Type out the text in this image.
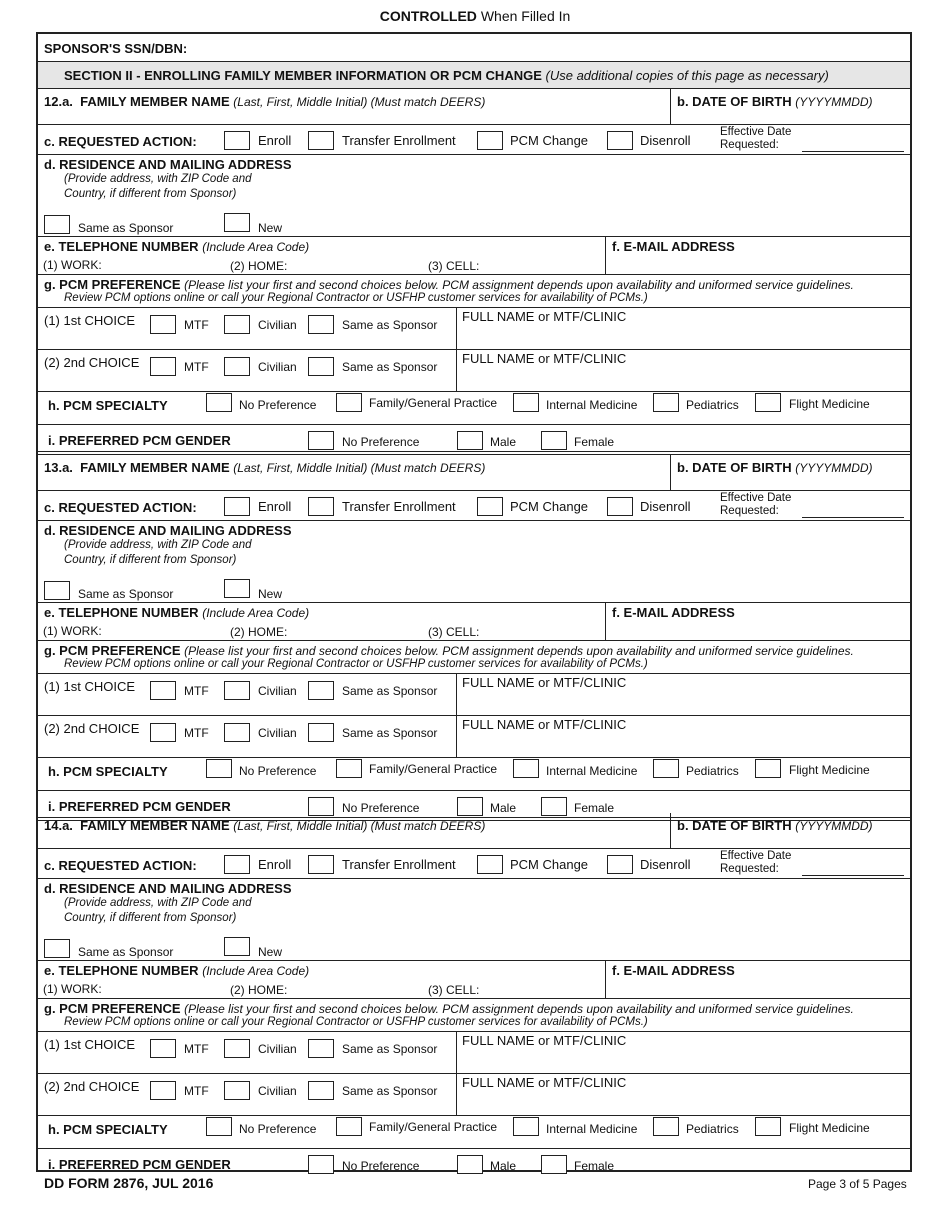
CONTROLLED When Filled In
SPONSOR'S SSN/DBN:
SECTION II - ENROLLING FAMILY MEMBER INFORMATION OR PCM CHANGE (Use additional copies of this page as necessary)
12.a. FAMILY MEMBER NAME (Last, First, Middle Initial) (Must match DEERS)	b. DATE OF BIRTH (YYYYMMDD)
c. REQUESTED ACTION:	Enroll	Transfer Enrollment	PCM Change	Disenroll
Effective Date
Requested:
d. RESIDENCE AND MAILING ADDRESS
(Provide address, with ZIP Code and
Country, if different from Sponsor)
Same as Sponsor	New
e. TELEPHONE NUMBER (Include Area Code)
(1) WORK:	(2) HOME:	(3) CELL:
f. E-MAIL ADDRESS
g. PCM PREFERENCE (Please list your first and second choices below. PCM assignment depends upon availability and uniformed service guidelines.
Review PCM options online or call your Regional Contractor or USFHP customer services for availability of PCMs.)
(1) 1st CHOICE	MTF	Civilian	Same as Sponsor
FULL NAME or MTF/CLINIC
(2) 2nd CHOICE	MTF	Civilian	Same as Sponsor
FULL NAME or MTF/CLINIC
h. PCM SPECIALTY	No Preference	Family/General Practice	Internal Medicine	Pediatrics	Flight Medicine
i. PREFERRED PCM GENDER	No Preference	Male	Female
13.a. FAMILY MEMBER NAME (Last, First, Middle Initial) (Must match DEERS)	b. DATE OF BIRTH (YYYYMMDD)
c. REQUESTED ACTION:	Enroll	Transfer Enrollment	PCM Change	Disenroll
Effective Date
Requested:
d. RESIDENCE AND MAILING ADDRESS
(Provide address, with ZIP Code and
Country, if different from Sponsor)
Same as Sponsor	New
e. TELEPHONE NUMBER (Include Area Code)
(1) WORK:	(2) HOME:	(3) CELL:
f. E-MAIL ADDRESS
g. PCM PREFERENCE (Please list your first and second choices below. PCM assignment depends upon availability and uniformed service guidelines.
Review PCM options online or call your Regional Contractor or USFHP customer services for availability of PCMs.)
(1) 1st CHOICE	MTF	Civilian	Same as Sponsor
FULL NAME or MTF/CLINIC
(2) 2nd CHOICE	MTF	Civilian	Same as Sponsor
FULL NAME or MTF/CLINIC
h. PCM SPECIALTY	No Preference	Family/General Practice	Internal Medicine	Pediatrics	Flight Medicine
i. PREFERRED PCM GENDER	No Preference	Male	Female
14.a. FAMILY MEMBER NAME (Last, First, Middle Initial) (Must match DEERS)	b. DATE OF BIRTH (YYYYMMDD)
c. REQUESTED ACTION:	Enroll	Transfer Enrollment	PCM Change	Disenroll
Effective Date
Requested:
d. RESIDENCE AND MAILING ADDRESS
(Provide address, with ZIP Code and
Country, if different from Sponsor)
Same as Sponsor	New
e. TELEPHONE NUMBER (Include Area Code)
(1) WORK:	(2) HOME:	(3) CELL:
f. E-MAIL ADDRESS
g. PCM PREFERENCE (Please list your first and second choices below. PCM assignment depends upon availability and uniformed service guidelines.
Review PCM options online or call your Regional Contractor or USFHP customer services for availability of PCMs.)
(1) 1st CHOICE	MTF	Civilian	Same as Sponsor
FULL NAME or MTF/CLINIC
(2) 2nd CHOICE	MTF	Civilian	Same as Sponsor
FULL NAME or MTF/CLINIC
h. PCM SPECIALTY	No Preference	Family/General Practice	Internal Medicine	Pediatrics	Flight Medicine
i. PREFERRED PCM GENDER	No Preference	Male	Female
DD FORM 2876, JUL 2016	Page 3 of 5 Pages
